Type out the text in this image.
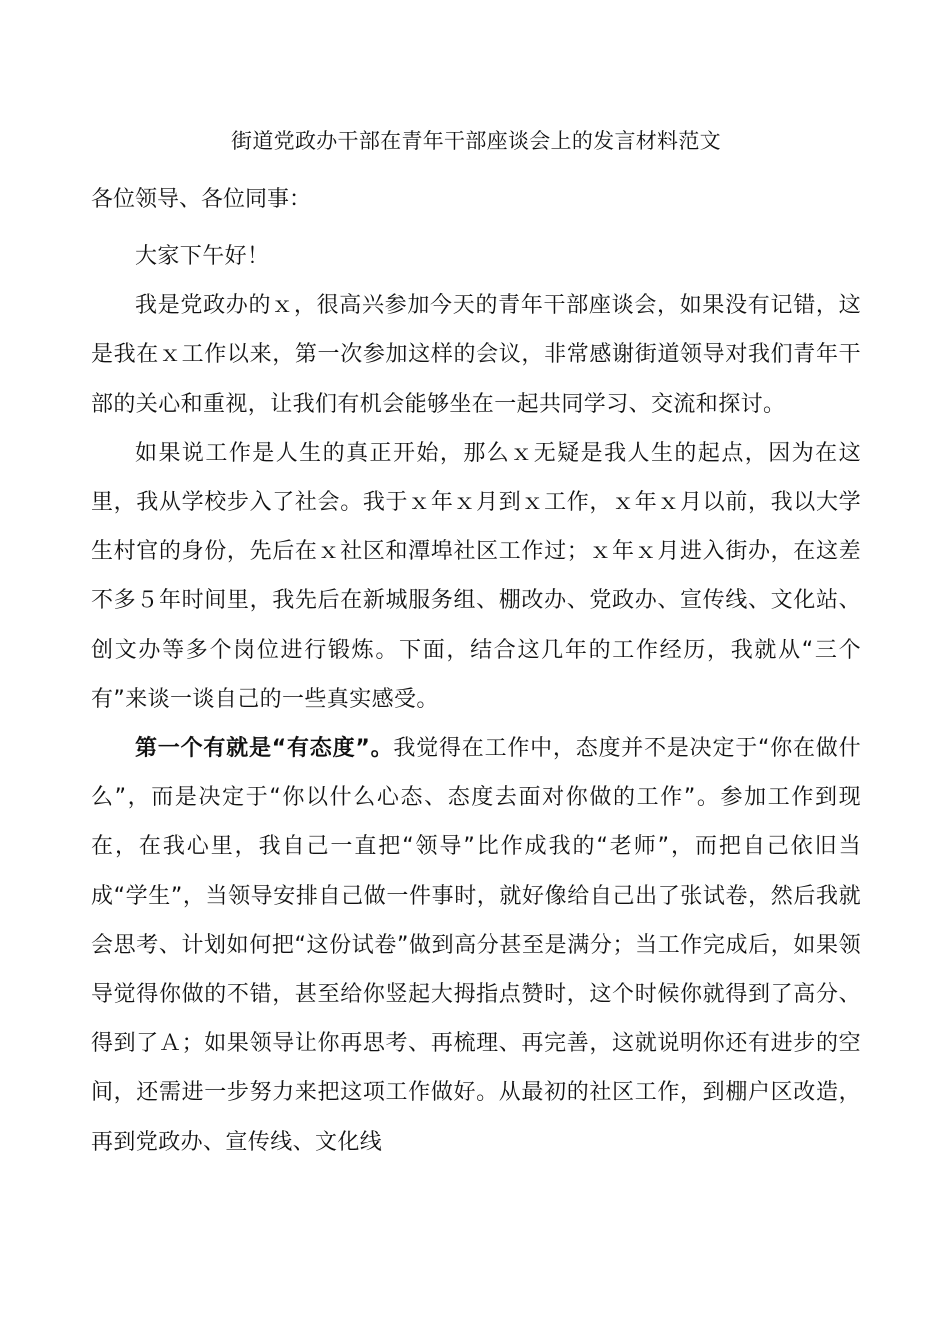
街道党政办干部在青年干部座谈会上的发言材料范文
各位领导、各位同事：

大家下午好！

我是党政办的ｘ，很高兴参加今天的青年干部座谈会，如果没有记错，这是我在ｘ工作以来，第一次参加这样的会议，非常感谢街道领导对我们青年干部的关心和重视，让我们有机会能够坐在一起共同学习、交流和探讨。

如果说工作是人生的真正开始，那么ｘ无疑是我人生的起点，因为在这里，我从学校步入了社会。我于ｘ年ｘ月到ｘ工作，ｘ年ｘ月以前，我以大学生村官的身份，先后在ｘ社区和潭埠社区工作过；ｘ年ｘ月进入街办，在这差不多５年时间里，我先后在新城服务组、棚改办、党政办、宣传线、文化站、创文办等多个岗位进行锻炼。下面，结合这几年的工作经历，我就从“三个有”来谈一谈自己的一些真实感受。

第一个有就是“有态度”。我觉得在工作中，态度并不是决定于“你在做什么”，而是决定于“你以什么心态、态度去面对你做的工作”。参加工作到现在，在我心里，我自己一直把“领导”比作成我的“老师”，而把自己依旧当成“学生”，当领导安排自己做一件事时，就好像给自己出了张试卷，然后我就会思考、计划如何把“这份试卷”做到高分甚至是满分；当工作完成后，如果领导觉得你做的不错，甚至给你竖起大拇指点赞时，这个时候你就得到了高分、得到了Ａ；如果领导让你再思考、再梳理、再完善，这就说明你还有进步的空间，还需进一步努力来把这项工作做好。从最初的社区工作，到棚户区改造，再到党政办、宣传线、文化线
